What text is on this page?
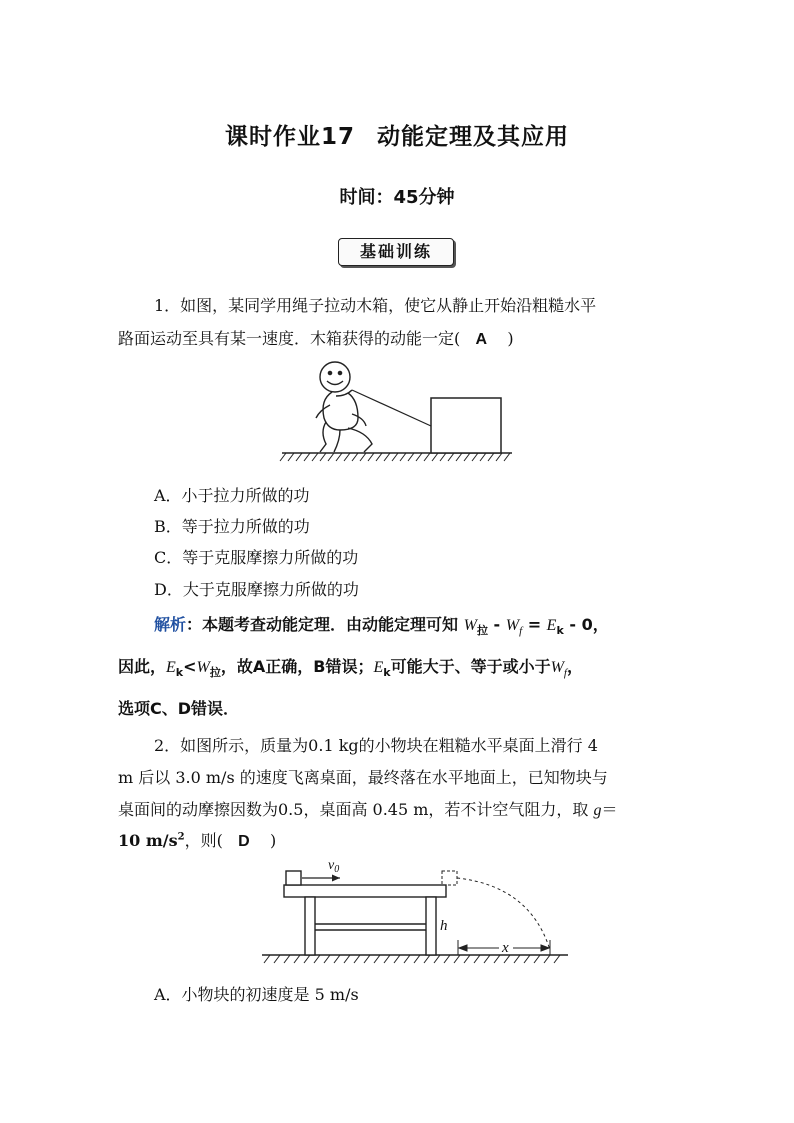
课时作业17 动能定理及其应用
时间：45分钟
基础训练
1．如图，某同学用绳子拉动木箱，使它从静止开始沿粗糙水平
路面运动至具有某一速度．木箱获得的动能一定( A )
A．小于拉力所做的功
B．等于拉力所做的功
C．等于克服摩擦力所做的功
D．大于克服摩擦力所做的功
解析：本题考查动能定理．由动能定理可知 $W_拉 - W_f = E_k - 0$，
因此，$E_k<W_拉$，故A正确，B错误；$E_k$可能大于、等于或小于$W_f$，
选项C、D错误．
2．如图所示，质量为0.1 kg的小物块在粗糙水平桌面上滑行 4
m 后以 3.0 m/s 的速度飞离桌面，最终落在水平地面上，已知物块与
桌面间的动摩擦因数为0.5，桌面高 0.45 m，若不计空气阻力，取 g＝
10 $m/s^2$，则( D )
$v_0$
h
x
A．小物块的初速度是 5 m/s
